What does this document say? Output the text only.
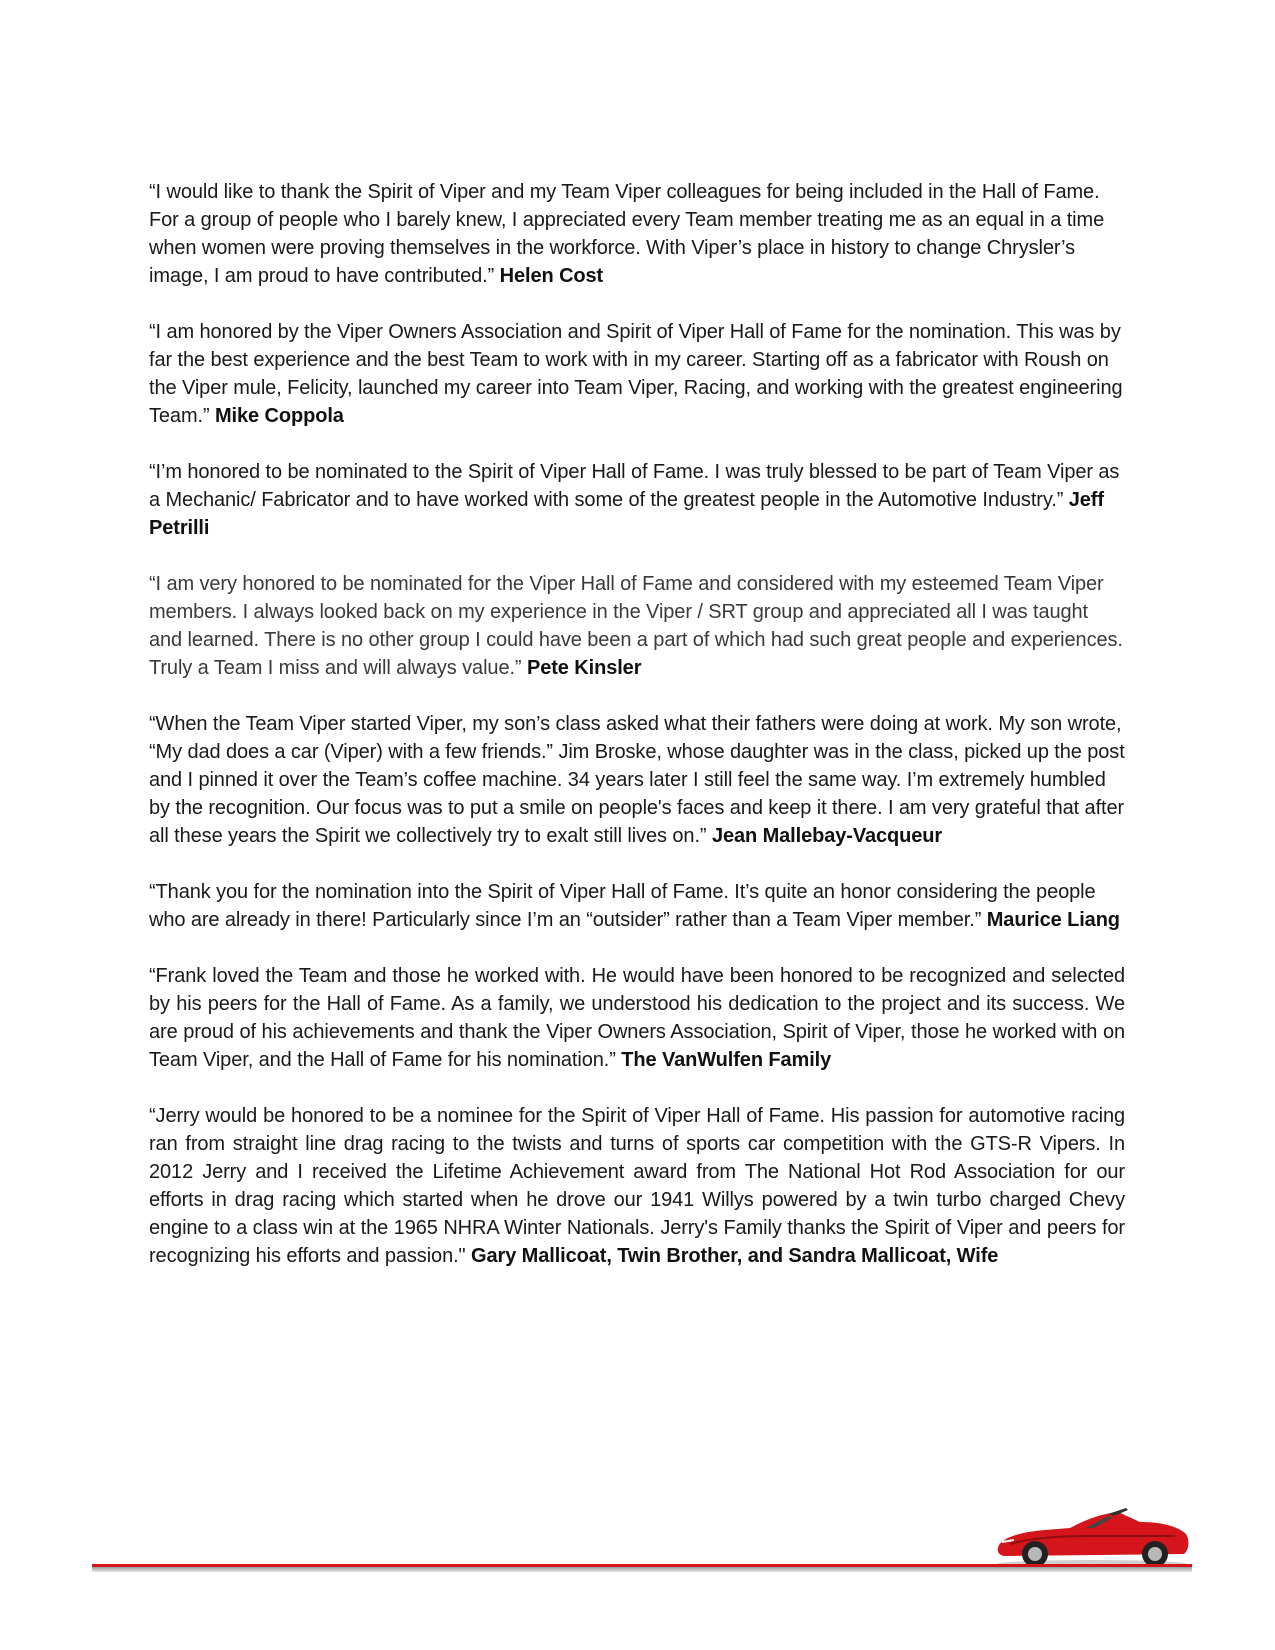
“I would like to thank the Spirit of Viper and my Team Viper colleagues for being included in the Hall of Fame. For a group of people who I barely knew, I appreciated every Team member treating me as an equal in a time when women were proving themselves in the workforce. With Viper’s place in history to change Chrysler’s image, I am proud to have contributed.” Helen Cost

“I am honored by the Viper Owners Association and Spirit of Viper Hall of Fame for the nomination. This was by far the best experience and the best Team to work with in my career. Starting off as a fabricator with Roush on the Viper mule, Felicity, launched my career into Team Viper, Racing, and working with the greatest engineering Team.” Mike Coppola

“I’m honored to be nominated to the Spirit of Viper Hall of Fame. I was truly blessed to be part of Team Viper as a Mechanic/ Fabricator and to have worked with some of the greatest people in the Automotive Industry.” Jeff Petrilli

“I am very honored to be nominated for the Viper Hall of Fame and considered with my esteemed Team Viper members. I always looked back on my experience in the Viper / SRT group and appreciated all I was taught and learned. There is no other group I could have been a part of which had such great people and experiences. Truly a Team I miss and will always value.” Pete Kinsler

“When the Team Viper started Viper, my son’s class asked what their fathers were doing at work. My son wrote, “My dad does a car (Viper) with a few friends.” Jim Broske, whose daughter was in the class, picked up the post and I pinned it over the Team’s coffee machine. 34 years later I still feel the same way. I’m extremely humbled by the recognition. Our focus was to put a smile on people's faces and keep it there. I am very grateful that after all these years the Spirit we collectively try to exalt still lives on.” Jean Mallebay-Vacqueur

“Thank you for the nomination into the Spirit of Viper Hall of Fame. It’s quite an honor considering the people who are already in there! Particularly since I’m an “outsider” rather than a Team Viper member.” Maurice Liang

“Frank loved the Team and those he worked with. He would have been honored to be recognized and selected by his peers for the Hall of Fame. As a family, we understood his dedication to the project and its success. We are proud of his achievements and thank the Viper Owners Association, Spirit of Viper, those he worked with on Team Viper, and the Hall of Fame for his nomination.” The VanWulfen Family

“Jerry would be honored to be a nominee for the Spirit of Viper Hall of Fame. His passion for automotive racing ran from straight line drag racing to the twists and turns of sports car competition with the GTS-R Vipers. In 2012 Jerry and I received the Lifetime Achievement award from The National Hot Rod Association for our efforts in drag racing which started when he drove our 1941 Willys powered by a twin turbo charged Chevy engine to a class win at the 1965 NHRA Winter Nationals. Jerry's Family thanks the Spirit of Viper and peers for recognizing his efforts and passion." Gary Mallicoat, Twin Brother, and Sandra Mallicoat, Wife
